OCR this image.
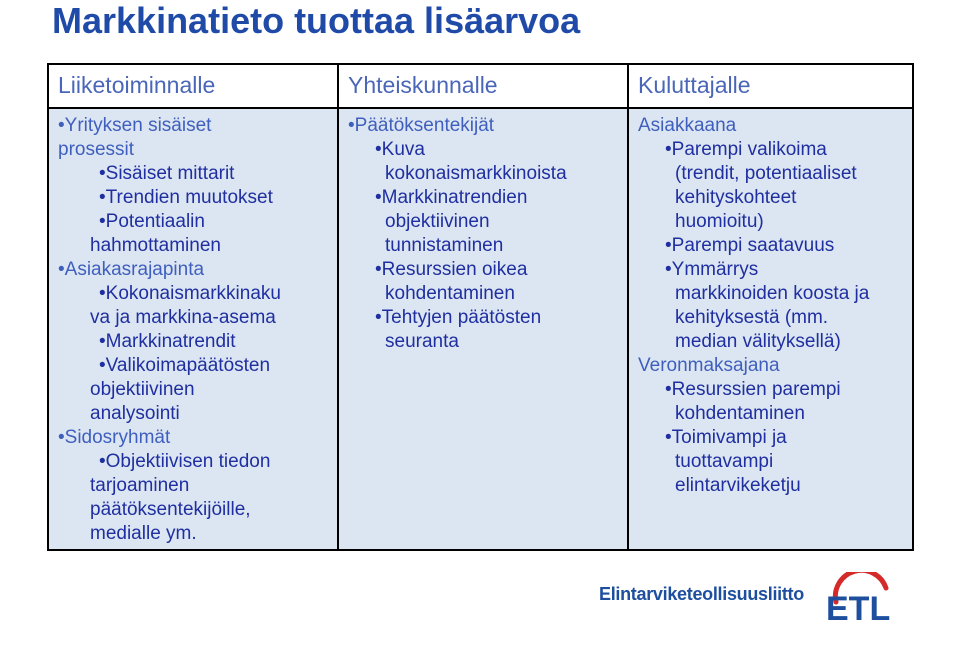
Markkinatieto tuottaa lisäarvoa
Liiketoiminnalle	Yhteiskunnalle	Kuluttajalle
•Yrityksen sisäiset
prosessit
•Sisäiset mittarit
•Trendien muutokset
•Potentiaalin
hahmottaminen
•Asiakasrajapinta
•Kokonaismarkkinaku
va ja markkina-asema
•Markkinatrendit
•Valikoimapäätösten
objektiivinen
analysointi
•Sidosryhmät
•Objektiivisen tiedon
tarjoaminen
päätöksentekijöille,
medialle ym.
•Päätöksentekijät
•Kuva
kokonaismarkkinoista
•Markkinatrendien
objektiivinen
tunnistaminen
•Resurssien oikea
kohdentaminen
•Tehtyjen päätösten
seuranta
Asiakkaana
•Parempi valikoima
(trendit, potentiaaliset
kehityskohteet
huomioitu)
•Parempi saatavuus
•Ymmärrys
markkinoiden koosta ja
kehityksestä (mm.
median välityksellä)
Veronmaksajana
•Resurssien parempi
kohdentaminen
•Toimivampi ja
tuottavampi
elintarvikeketju
Elintarviketeollisuusliitto ETL
